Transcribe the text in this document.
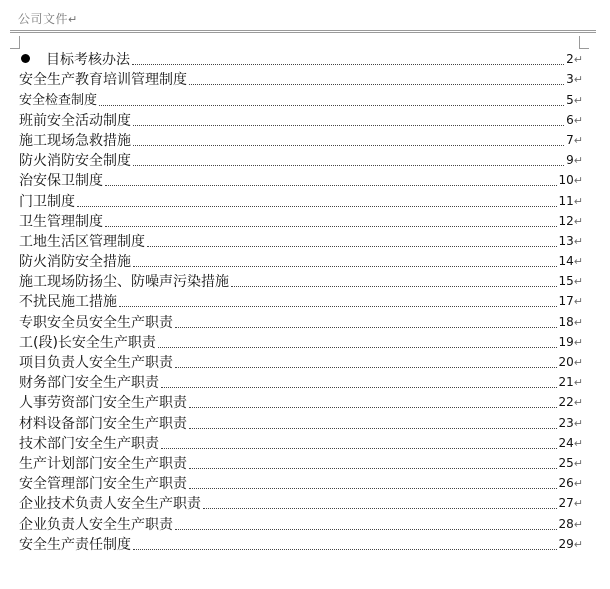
公司文件↵
目标考核办法	2↵
安全生产教育培训管理制度	3↵
安全检查制度	5↵
班前安全活动制度	6↵
施工现场急救措施	7↵
防火消防安全制度	9↵
治安保卫制度	10↵
门卫制度	11↵
卫生管理制度	12↵
工地生活区管理制度	13↵
防火消防安全措施	14↵
施工现场防扬尘、防噪声污染措施	15↵
不扰民施工措施	17↵
专职安全员安全生产职责	18↵
工(段)长安全生产职责	19↵
项目负责人安全生产职责	20↵
财务部门安全生产职责	21↵
人事劳资部门安全生产职责	22↵
材料设备部门安全生产职责	23↵
技术部门安全生产职责	24↵
生产计划部门安全生产职责	25↵
安全管理部门安全生产职责	26↵
企业技术负责人安全生产职责	27↵
企业负责人安全生产职责	28↵
安全生产责任制度	29↵
